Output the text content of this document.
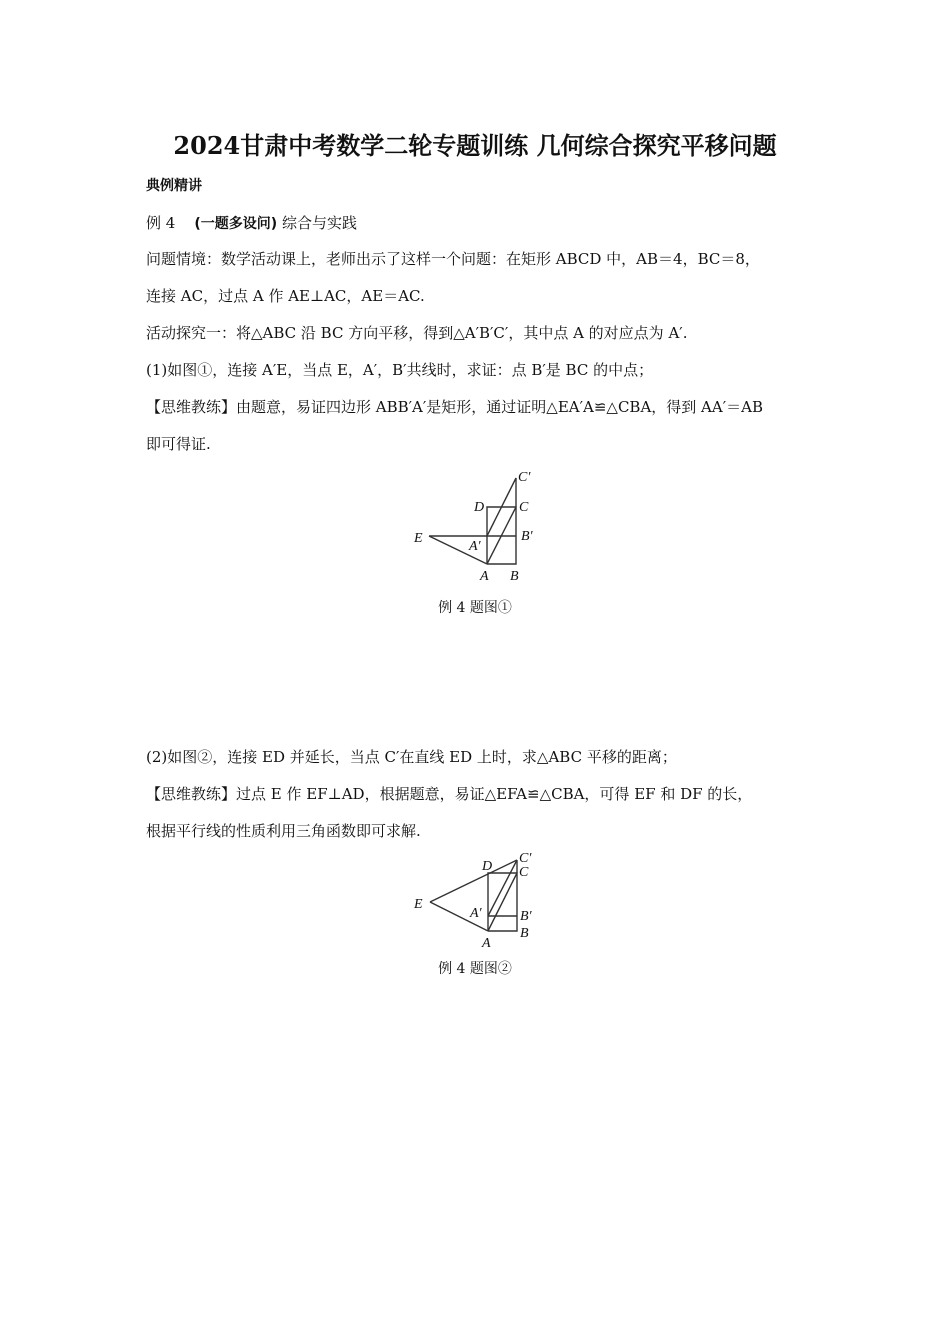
2024甘肃中考数学二轮专题训练 几何综合探究平移问题
典例精讲
例 4 (一题多设问) 综合与实践
问题情境：数学活动课上，老师出示了这样一个问题：在矩形 ABCD 中，AB＝4，BC＝8，
连接 AC，过点 A 作 AE⊥AC，AE＝AC.
活动探究一：将△ABC 沿 BC 方向平移，得到△A′B′C′，其中点 A 的对应点为 A′.
(1)如图①，连接 A′E，当点 E，A′，B′共线时，求证：点 B′是 BC 的中点；
【思维教练】由题意，易证四边形 ABB′A′是矩形，通过证明△EA′A≌△CBA，得到 AA′＝AB
即可得证.
C′
D C
E	B′
A′
A B
C′
D C
E
A′	B′
B
A
例 4 题图①
(2)如图②，连接 ED 并延长，当点 C′在直线 ED 上时，求△ABC 平移的距离；
【思维教练】过点 E 作 EF⊥AD，根据题意，易证△EFA≌△CBA，可得 EF 和 DF 的长，
根据平行线的性质利用三角函数即可求解.
例 4 题图②
